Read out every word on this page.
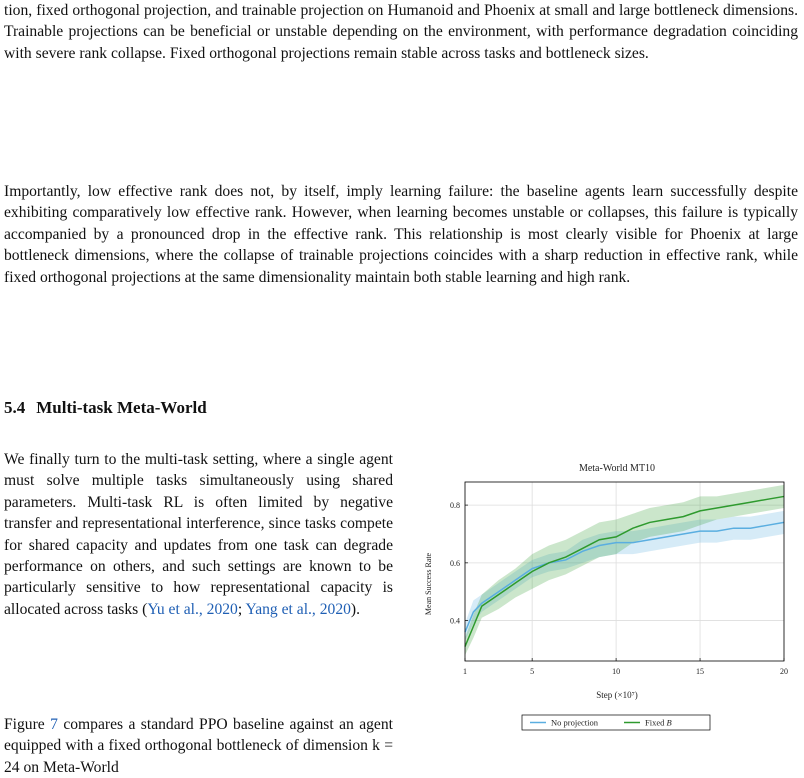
tion, fixed orthogonal projection, and trainable projection on Humanoid and Phoenix at small and large bottleneck dimensions. Trainable projections can be beneficial or unstable depending on the environment, with performance degradation coinciding with severe rank collapse. Fixed orthogonal projections remain stable across tasks and bottleneck sizes.

Importantly, low effective rank does not, by itself, imply learning failure: the baseline agents learn successfully despite exhibiting comparatively low effective rank. However, when learning becomes unstable or collapses, this failure is typically accompanied by a pronounced drop in the effective rank. This relationship is most clearly visible for Phoenix at large bottleneck dimensions, where the collapse of trainable projections coincides with a sharp reduction in effective rank, while fixed orthogonal projections at the same dimensionality maintain both stable learning and high rank.

5.4 Multi-task Meta-World

We finally turn to the multi-task setting, where a single agent must solve multiple tasks simultaneously using shared parameters. Multi-task RL is often limited by negative transfer and representational interference, since tasks compete for shared capacity and updates from one task can degrade performance on others, and such settings are known to be particularly sensitive to how representational capacity is allocated across tasks (Yu et al., 2020; Yang et al., 2020).

Figure 7 compares a standard PPO baseline against an agent equipped with a fixed orthogonal bottleneck of dimension k = 24 on Meta-World

Meta-World MT10
1	5	10	15	20
0.4
0.6
0.8
Mean Success Rate
Step (×10⁷)
No projection	Fixed B
